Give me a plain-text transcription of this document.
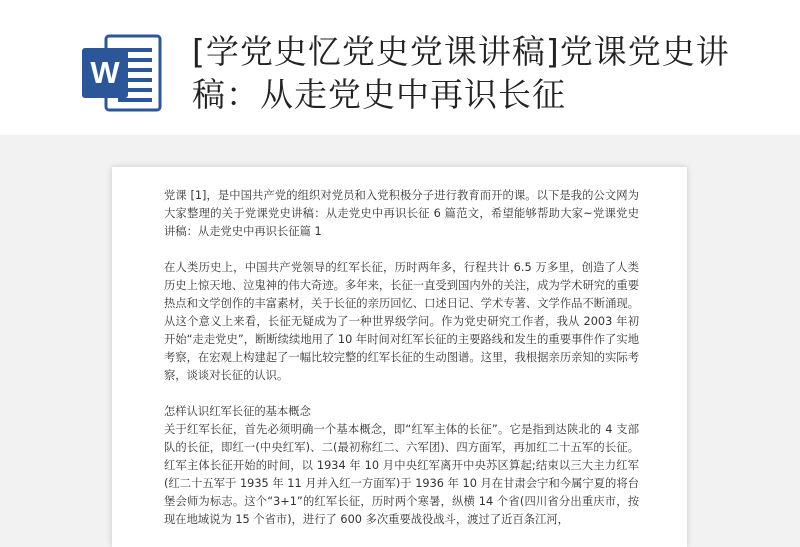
W
[学党史忆党史党课讲稿]党课党史讲稿：从走党史中再识长征

党课 [1]，是中国共产党的组织对党员和入党积极分子进行教育而开的课。以下是我的公文网为大家整理的关于党课党史讲稿：从走党史中再识长征 6 篇范文，希望能够帮助大家~党课党史讲稿：从走党史中再识长征篇 1

在人类历史上，中国共产党领导的红军长征，历时两年多，行程共计 6.5 万多里，创造了人类历史上惊天地、泣鬼神的伟大奇迹。多年来，长征一直受到国内外的关注，成为学术研究的重要热点和文学创作的丰富素材，关于长征的亲历回忆、口述日记、学术专著、文学作品不断涌现。从这个意义上来看，长征无疑成为了一种世界级学问。作为党史研究工作者，我从 2003 年初开始“走走党史”，断断续续地用了 10 年时间对红军长征的主要路线和发生的重要事件作了实地考察，在宏观上构建起了一幅比较完整的红军长征的生动图谱。这里，我根据亲历亲知的实际考察，谈谈对长征的认识。

怎样认识红军长征的基本概念

关于红军长征，首先必须明确一个基本概念，即“红军主体的长征”。它是指到达陕北的 4 支部队的长征，即红一(中央红军)、二(最初称红二、六军团)、四方面军，再加红二十五军的长征。红军主体长征开始的时间，以 1934 年 10 月中央红军离开中央苏区算起;结束以三大主力红军(红二十五军于 1935 年 11 月并入红一方面军)于 1936 年 10 月在甘肃会宁和今属宁夏的将台堡会师为标志。这个“3+1”的红军长征，历时两个寒暑，纵横 14 个省(四川省分出重庆市，按现在地域说为 15 个省市)，进行了 600 多次重要战役战斗，渡过了近百条江河，
